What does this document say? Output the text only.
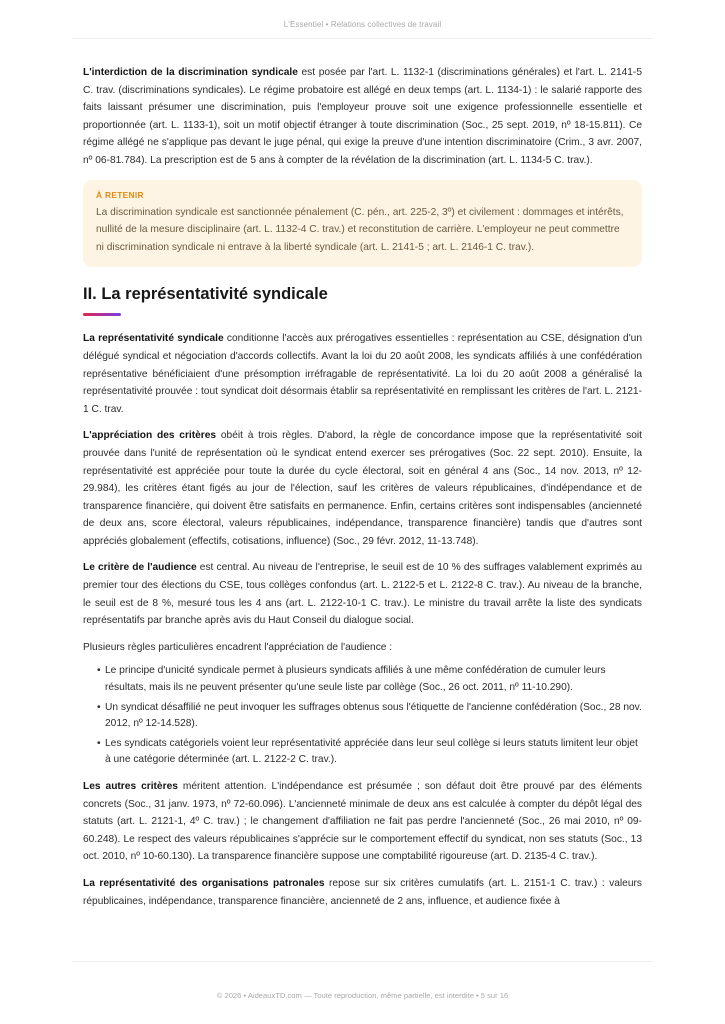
L'Essentiel • Relations collectives de travail

L'interdiction de la discrimination syndicale est posée par l'art. L. 1132-1 (discriminations générales) et l'art. L. 2141-5 C. trav. (discriminations syndicales). Le régime probatoire est allégé en deux temps (art. L. 1134-1) : le salarié rapporte des faits laissant présumer une discrimination, puis l'employeur prouve soit une exigence professionnelle essentielle et proportionnée (art. L. 1133-1), soit un motif objectif étranger à toute discrimination (Soc., 25 sept. 2019, nº 18-15.811). Ce régime allégé ne s'applique pas devant le juge pénal, qui exige la preuve d'une intention discriminatoire (Crim., 3 avr. 2007, nº 06-81.784). La prescription est de 5 ans à compter de la révélation de la discrimination (art. L. 1134-5 C. trav.).

À RETENIR

La discrimination syndicale est sanctionnée pénalement (C. pén., art. 225-2, 3º) et civilement : dommages et intérêts, nullité de la mesure disciplinaire (art. L. 1132-4 C. trav.) et reconstitution de carrière. L'employeur ne peut commettre ni discrimination syndicale ni entrave à la liberté syndicale (art. L. 2141-5 ; art. L. 2146-1 C. trav.).

II. La représentativité syndicale

La représentativité syndicale conditionne l'accès aux prérogatives essentielles : représentation au CSE, désignation d'un délégué syndical et négociation d'accords collectifs. Avant la loi du 20 août 2008, les syndicats affiliés à une confédération représentative bénéficiaient d'une présomption irréfragable de représentativité. La loi du 20 août 2008 a généralisé la représentativité prouvée : tout syndicat doit désormais établir sa représentativité en remplissant les critères de l'art. L. 2121-1 C. trav.

L'appréciation des critères obéit à trois règles. D'abord, la règle de concordance impose que la représentativité soit prouvée dans l'unité de représentation où le syndicat entend exercer ses prérogatives (Soc. 22 sept. 2010). Ensuite, la représentativité est appréciée pour toute la durée du cycle électoral, soit en général 4 ans (Soc., 14 nov. 2013, nº 12-29.984), les critères étant figés au jour de l'élection, sauf les critères de valeurs républicaines, d'indépendance et de transparence financière, qui doivent être satisfaits en permanence. Enfin, certains critères sont indispensables (ancienneté de deux ans, score électoral, valeurs républicaines, indépendance, transparence financière) tandis que d'autres sont appréciés globalement (effectifs, cotisations, influence) (Soc., 29 févr. 2012, 11-13.748).

Le critère de l'audience est central. Au niveau de l'entreprise, le seuil est de 10 % des suffrages valablement exprimés au premier tour des élections du CSE, tous collèges confondus (art. L. 2122-5 et L. 2122-8 C. trav.). Au niveau de la branche, le seuil est de 8 %, mesuré tous les 4 ans (art. L. 2122-10-1 C. trav.). Le ministre du travail arrête la liste des syndicats représentatifs par branche après avis du Haut Conseil du dialogue social.

Plusieurs règles particulières encadrent l'appréciation de l'audience :

• Le principe d'unicité syndicale permet à plusieurs syndicats affiliés à une même confédération de cumuler leurs résultats, mais ils ne peuvent présenter qu'une seule liste par collège (Soc., 26 oct. 2011, nº 11-10.290).
• Un syndicat désaffilié ne peut invoquer les suffrages obtenus sous l'étiquette de l'ancienne confédération (Soc., 28 nov. 2012, nº 12-14.528).
• Les syndicats catégoriels voient leur représentativité appréciée dans leur seul collège si leurs statuts limitent leur objet à une catégorie déterminée (art. L. 2122-2 C. trav.).

Les autres critères méritent attention. L'indépendance est présumée ; son défaut doit être prouvé par des éléments concrets (Soc., 31 janv. 1973, nº 72-60.096). L'ancienneté minimale de deux ans est calculée à compter du dépôt légal des statuts (art. L. 2121-1, 4º C. trav.) ; le changement d'affiliation ne fait pas perdre l'ancienneté (Soc., 26 mai 2010, nº 09-60.248). Le respect des valeurs républicaines s'apprécie sur le comportement effectif du syndicat, non ses statuts (Soc., 13 oct. 2010, nº 10-60.130). La transparence financière suppose une comptabilité rigoureuse (art. D. 2135-4 C. trav.).

La représentativité des organisations patronales repose sur six critères cumulatifs (art. L. 2151-1 C. trav.) : valeurs républicaines, indépendance, transparence financière, ancienneté de 2 ans, influence, et audience fixée à

© 2026 • AideauxTD.com — Toute reproduction, même partielle, est interdite • 5 sur 16
